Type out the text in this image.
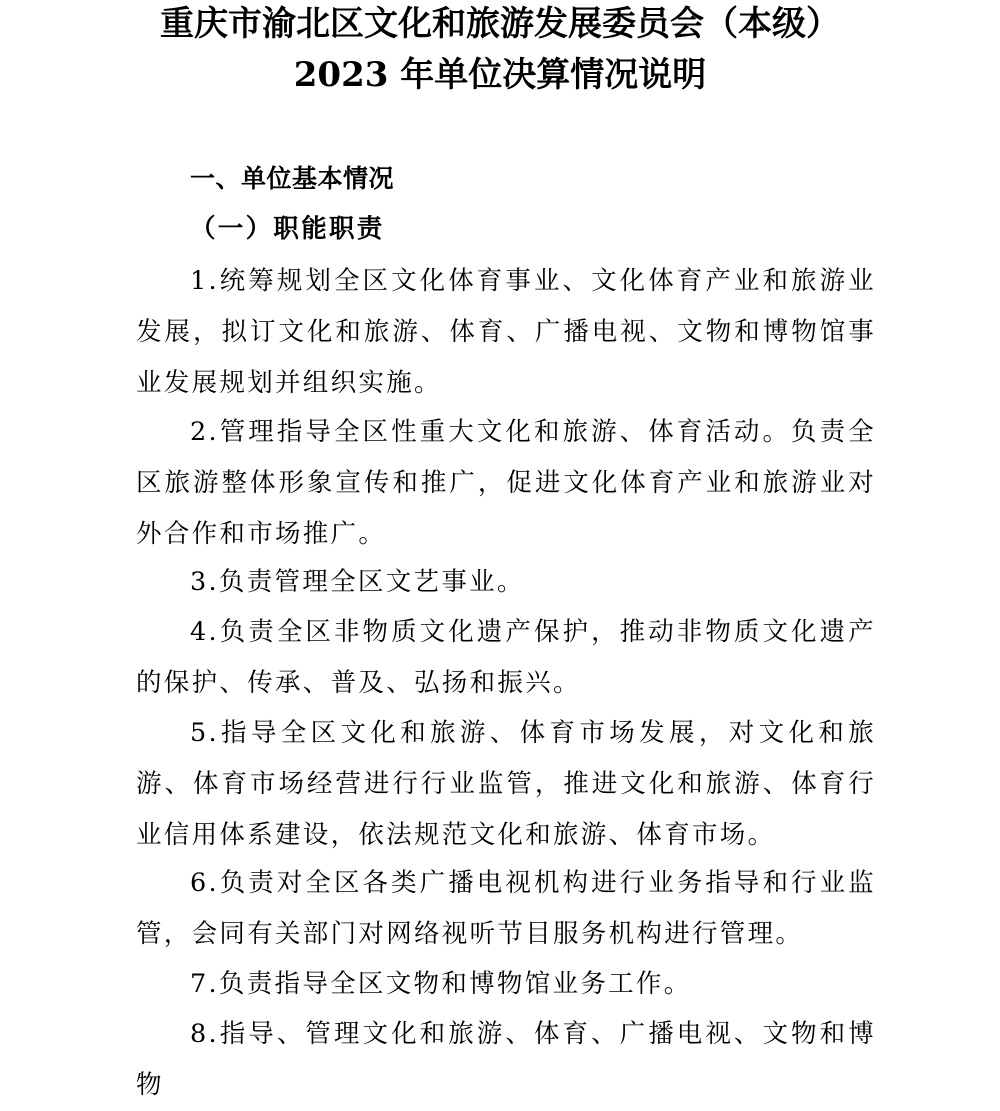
重庆市渝北区文化和旅游发展委员会（本级）
2023 年单位决算情况说明
一、单位基本情况
（一）职能职责

1.统筹规划全区文化体育事业、文化体育产业和旅游业发展，拟订文化和旅游、体育、广播电视、文物和博物馆事业发展规划并组织实施。

2.管理指导全区性重大文化和旅游、体育活动。负责全区旅游整体形象宣传和推广，促进文化体育产业和旅游业对外合作和市场推广。

3.负责管理全区文艺事业。

4.负责全区非物质文化遗产保护，推动非物质文化遗产的保护、传承、普及、弘扬和振兴。

5.指导全区文化和旅游、体育市场发展，对文化和旅游、体育市场经营进行行业监管，推进文化和旅游、体育行业信用体系建设，依法规范文化和旅游、体育市场。

6.负责对全区各类广播电视机构进行业务指导和行业监管，会同有关部门对网络视听节目服务机构进行管理。

7.负责指导全区文物和博物馆业务工作。

8.指导、管理文化和旅游、体育、广播电视、文物和博物
